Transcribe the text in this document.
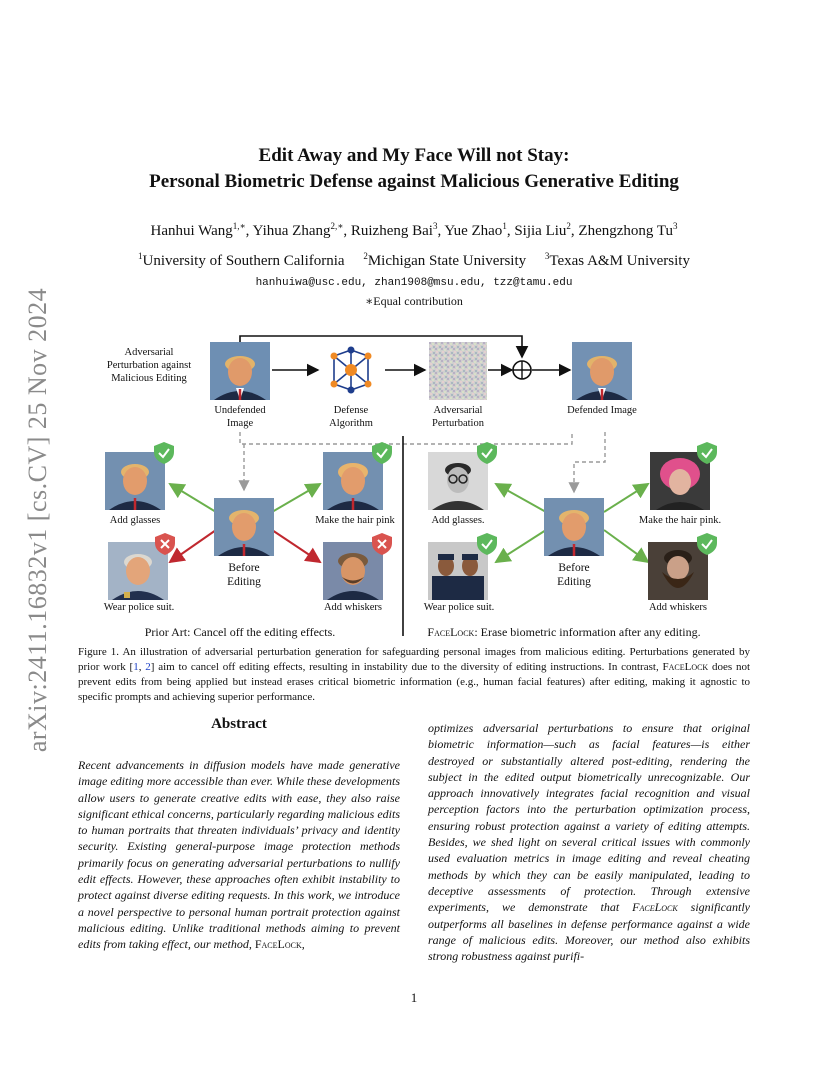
arXiv:2411.16832v1 [cs.CV] 25 Nov 2024
Edit Away and My Face Will not Stay:
Personal Biometric Defense against Malicious Generative Editing
Hanhui Wang$^{1,∗}$, Yihua Zhang$^{2,∗}$, Ruizheng Bai$^3$, Yue Zhao$^1$, Sijia Liu$^2$, Zhengzhong Tu$^3$
$^1$University of Southern California $^2$Michigan State University $^3$Texas A&M University
hanhuiwa@usc.edu, zhan1908@msu.edu, tzz@tamu.edu
∗Equal contribution
Adversarial Perturbation against Malicious Editing
Undefended Image
Defense Algorithm
Adversarial Perturbation
Defended Image
Add glasses	Make the hair pink
Before Editing
Wear police suit.	Add whiskers
Prior Art: Cancel off the editing effects.
Add glasses.	Make the hair pink.
Before Editing
Wear police suit.	Add whiskers
FaceLock: Erase biometric information after any editing.
Figure 1. An illustration of adversarial perturbation generation for safeguarding personal images from malicious editing. Perturbations generated by prior work [1, 2] aim to cancel off editing effects, resulting in instability due to the diversity of editing instructions. In contrast, FaceLock does not prevent edits from being applied but instead erases critical biometric information (e.g., human facial features) after editing, making it agnostic to specific prompts and achieving superior performance.
Abstract
Recent advancements in diffusion models have made generative image editing more accessible than ever. While these developments allow users to generate creative edits with ease, they also raise significant ethical concerns, particularly regarding malicious edits to human portraits that threaten individuals’ privacy and identity security. Existing general-purpose image protection methods primarily focus on generating adversarial perturbations to nullify edit effects. However, these approaches often exhibit instability to protect against diverse editing requests. In this work, we introduce a novel perspective to personal human portrait protection against malicious editing. Unlike traditional methods aiming to prevent edits from taking effect, our method, FaceLock,
optimizes adversarial perturbations to ensure that original biometric information—such as facial features—is either destroyed or substantially altered post-editing, rendering the subject in the edited output biometrically unrecognizable. Our approach innovatively integrates facial recognition and visual perception factors into the perturbation optimization process, ensuring robust protection against a variety of editing attempts. Besides, we shed light on several critical issues with commonly used evaluation metrics in image editing and reveal cheating methods by which they can be easily manipulated, leading to deceptive assessments of protection. Through extensive experiments, we demonstrate that FaceLock significantly outperforms all baselines in defense performance against a wide range of malicious edits. Moreover, our method also exhibits strong robustness against purifi-
1
